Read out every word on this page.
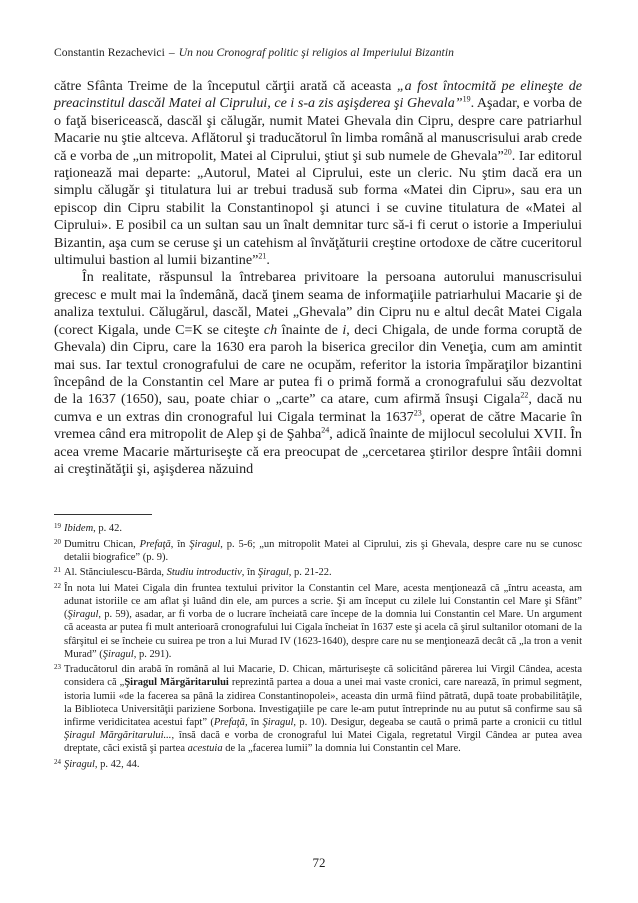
Constantin Rezachevici – Un nou Cronograf politic şi religios al Imperiului Bizantin

către Sfânta Treime de la începutul cărţii arată că aceasta „a fost întocmită pe elineşte de preacinstitul dascăl Matei al Ciprului, ce i s-a zis aşişderea şi Ghevala”$^{19}$. Aşadar, e vorba de o faţă bisericească, dascăl şi călugăr, numit Matei Ghevala din Cipru, despre care patriarhul Macarie nu ştie altceva. Aflătorul şi traducătorul în limba română al manuscrisului arab crede că e vorba de „un mitropolit, Matei al Ciprului, ştiut şi sub numele de Ghevala”$^{20}$. Iar editorul raţionează mai departe: „Autorul, Matei al Ciprului, este un cleric. Nu ştim dacă era un simplu călugăr şi titulatura lui ar trebui tradusă sub forma «Matei din Cipru», sau era un episcop din Cipru stabilit la Constantinopol şi atunci i se cuvine titulatura de «Matei al Ciprului». E posibil ca un sultan sau un înalt demnitar turc să-i fi cerut o istorie a Imperiului Bizantin, aşa cum se ceruse şi un catehism al învăţăturii creştine ortodoxe de către cuceritorul ultimului bastion al lumii bizantine”$^{21}$.

În realitate, răspunsul la întrebarea privitoare la persoana autorului manuscrisului grecesc e mult mai la îndemână, dacă ţinem seama de informaţiile patriarhului Macarie şi de analiza textului. Călugărul, dascăl, Matei „Ghevala” din Cipru nu e altul decât Matei Cigala (corect Kigala, unde C=K se citeşte ch înainte de i, deci Chigala, de unde forma coruptă de Ghevala) din Cipru, care la 1630 era paroh la biserica grecilor din Veneţia, cum am amintit mai sus. Iar textul cronografului de care ne ocupăm, referitor la istoria împăraţilor bizantini începând de la Constantin cel Mare ar putea fi o primă formă a cronografului său dezvoltat de la 1637 (1650), sau, poate chiar o „carte” ca atare, cum afirmă însuşi Cigala$^{22}$, dacă nu cumva e un extras din cronograful lui Cigala terminat la 1637$^{23}$, operat de către Macarie în vremea când era mitropolit de Alep şi de Şahba$^{24}$, adică înainte de mijlocul secolului XVII. În acea vreme Macarie mărturiseşte că era preocupat de „cercetarea ştirilor despre întâii domni ai creştinătăţii şi, aşişderea năzuind

19 Ibidem, p. 42.
20 Dumitru Chican, Prefaţă, în Şiragul, p. 5-6; „un mitropolit Matei al Ciprului, zis şi Ghevala, despre care nu se cunosc detalii biografice” (p. 9).
21 Al. Stănciulescu-Bârda, Studiu introductiv, în Şiragul, p. 21-22.
22 În nota lui Matei Cigala din fruntea textului privitor la Constantin cel Mare, acesta menţionează că „întru aceasta, am adunat istoriile ce am aflat şi luând din ele, am purces a scrie. Şi am început cu zilele lui Constantin cel Mare şi Sfânt” (Şiragul, p. 59), asadar, ar fi vorba de o lucrare încheiată care începe de la domnia lui Constantin cel Mare. Un argument că aceasta ar putea fi mult anterioară cronografului lui Cigala încheiat în 1637 este şi acela că şirul sultanilor otomani de la sfârşitul ei se încheie cu suirea pe tron a lui Murad IV (1623-1640), despre care nu se menţionează decât că „la tron a venit Murad” (Şiragul, p. 291).
23 Traducătorul din arabă în română al lui Macarie, D. Chican, mărturiseşte că solicitând părerea lui Virgil Cândea, acesta considera că „Şiragul Mărgăritarului reprezintă partea a doua a unei mai vaste cronici, care narează, în primul segment, istoria lumii «de la facerea sa până la zidirea Constantinopolei», aceasta din urmă fiind pătrată, după toate probabilităţile, la Biblioteca Universităţii pariziene Sorbona. Investigaţiile pe care le-am putut întreprinde nu au putut să confirme sau să infirme veridicitatea acestui fapt” (Prefaţă, în Şiragul, p. 10). Desigur, degeaba se caută o primă parte a cronicii cu titlul Şiragul Mărgăritarului..., însă dacă e vorba de cronograful lui Matei Cigala, regretatul Virgil Cândea ar putea avea dreptate, căci există şi partea acestuia de la „facerea lumii” la domnia lui Constantin cel Mare.
24 Şiragul, p. 42, 44.
72
